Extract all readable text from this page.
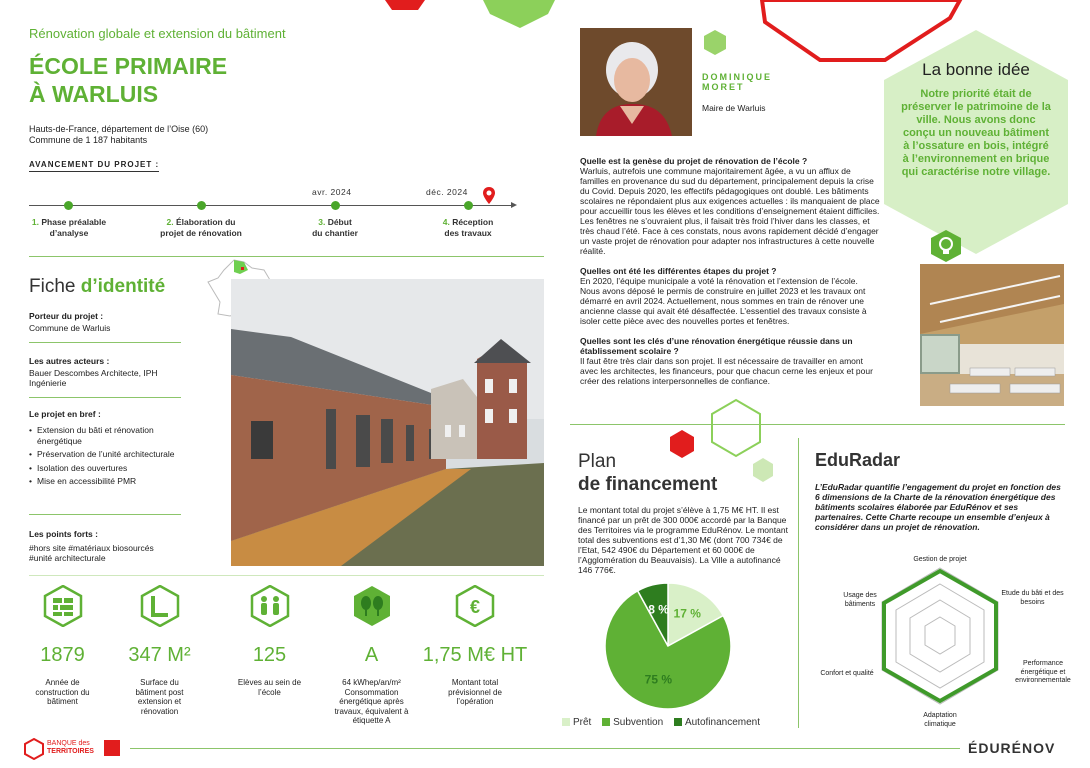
Rénovation globale et extension du bâtiment
ÉCOLE PRIMAIRE
À WARLUIS
Hauts-de-France, département de l’Oise (60)
Commune de 1 187 habitants
AVANCEMENT DU PROJET :
avr. 2024	déc. 2024
1. Phase préalable
d’analyse
2. Élaboration du
projet de rénovation
3. Début
du chantier
4. Réception
des travaux
Fiche d’identité
Porteur du projet :
Commune de Warluis
Les autres acteurs :
Bauer Descombes Architecte, IPH Ingénierie
Le projet en bref :
• Extension du bâti et rénovation énergétique
• Préservation de l’unité architecturale
• Isolation des ouvertures
• Mise en accessibilité PMR
Les points forts :
#hors site #matériaux biosourcés #unité architecturale
1879
Année de construction du bâtiment
347 M²
Surface du bâtiment post extension et rénovation
125
Elèves au sein de l’école
A
64 kWhep/an/m² Consommation énergétique après travaux, équivalent à étiquette A
€
1,75 M€ HT
Montant total prévisionnel de l’opération
DOMINIQUE
MORET
Maire de Warluis
Quelle est la genèse du projet de rénovation de l’école ?
Warluis, autrefois une commune majoritairement âgée, a vu un afflux de familles en provenance du sud du département, principalement depuis la crise du Covid. Depuis 2020, les effectifs pédagogiques ont doublé. Les bâtiments scolaires ne répondaient plus aux exigences actuelles : ils manquaient de place pour accueillir tous les élèves et les conditions d’enseignement étaient difficiles. Les fenêtres ne s’ouvraient plus, il faisait très froid l’hiver dans les classes, et très chaud l’été. Face à ces constats, nous avons rapidement décidé d’engager un vaste projet de rénovation pour adapter nos infrastructures à cette nouvelle réalité.
Quelles ont été les différentes étapes du projet ?
En 2020, l’équipe municipale a voté la rénovation et l’extension de l’école. Nous avons déposé le permis de construire en juillet 2023 et les travaux ont démarré en avril 2024. Actuellement, nous sommes en train de rénover une ancienne classe qui avait été désaffectée. L’essentiel des travaux consiste à isoler cette pièce avec des nouvelles portes et fenêtres.
Quelles sont les clés d’une rénovation énergétique réussie dans un établissement scolaire ?
Il faut être très clair dans son projet. Il est nécessaire de travailler en amont avec les architectes, les financeurs, pour que chacun cerne les enjeux et pour créer des relations interpersonnelles de confiance.
La bonne idée
Notre priorité était de préserver le patrimoine de la ville. Nous avons donc conçu un nouveau bâtiment à l’ossature en bois, intégré à l’environnement en brique qui caractérise notre village.
Plan
de financement
Le montant total du projet s’élève à 1,75 M€ HT. Il est financé par un prêt de 300 000€ accordé par la Banque des Territoires via le programme EduRénov. Le montant total des subventions est d’1,30 M€ (dont 700 734€ de l’Etat, 542 490€ du Département et 60 000€ de l’Agglomération du Beauvaisis). La Ville a autofinancé 146 776€.
17 %
75 %
8 %
Prêt Subvention Autofinancement
EduRadar
L’EduRadar quantifie l’engagement du projet en fonction des 6 dimensions de la Charte de la rénovation énergétique des bâtiments scolaires élaborée par EduRénov et ses partenaires. Cette Charte recoupe un ensemble d’enjeux à considérer dans un projet de rénovation.
Gestion de projet
Etude du bâti et des besoins
Performance énergétique et environnementale
Adaptation climatique
Confort et qualité
Usage des bâtiments
BANQUE des
TERRITOIRES	ÉDURÉNOV
